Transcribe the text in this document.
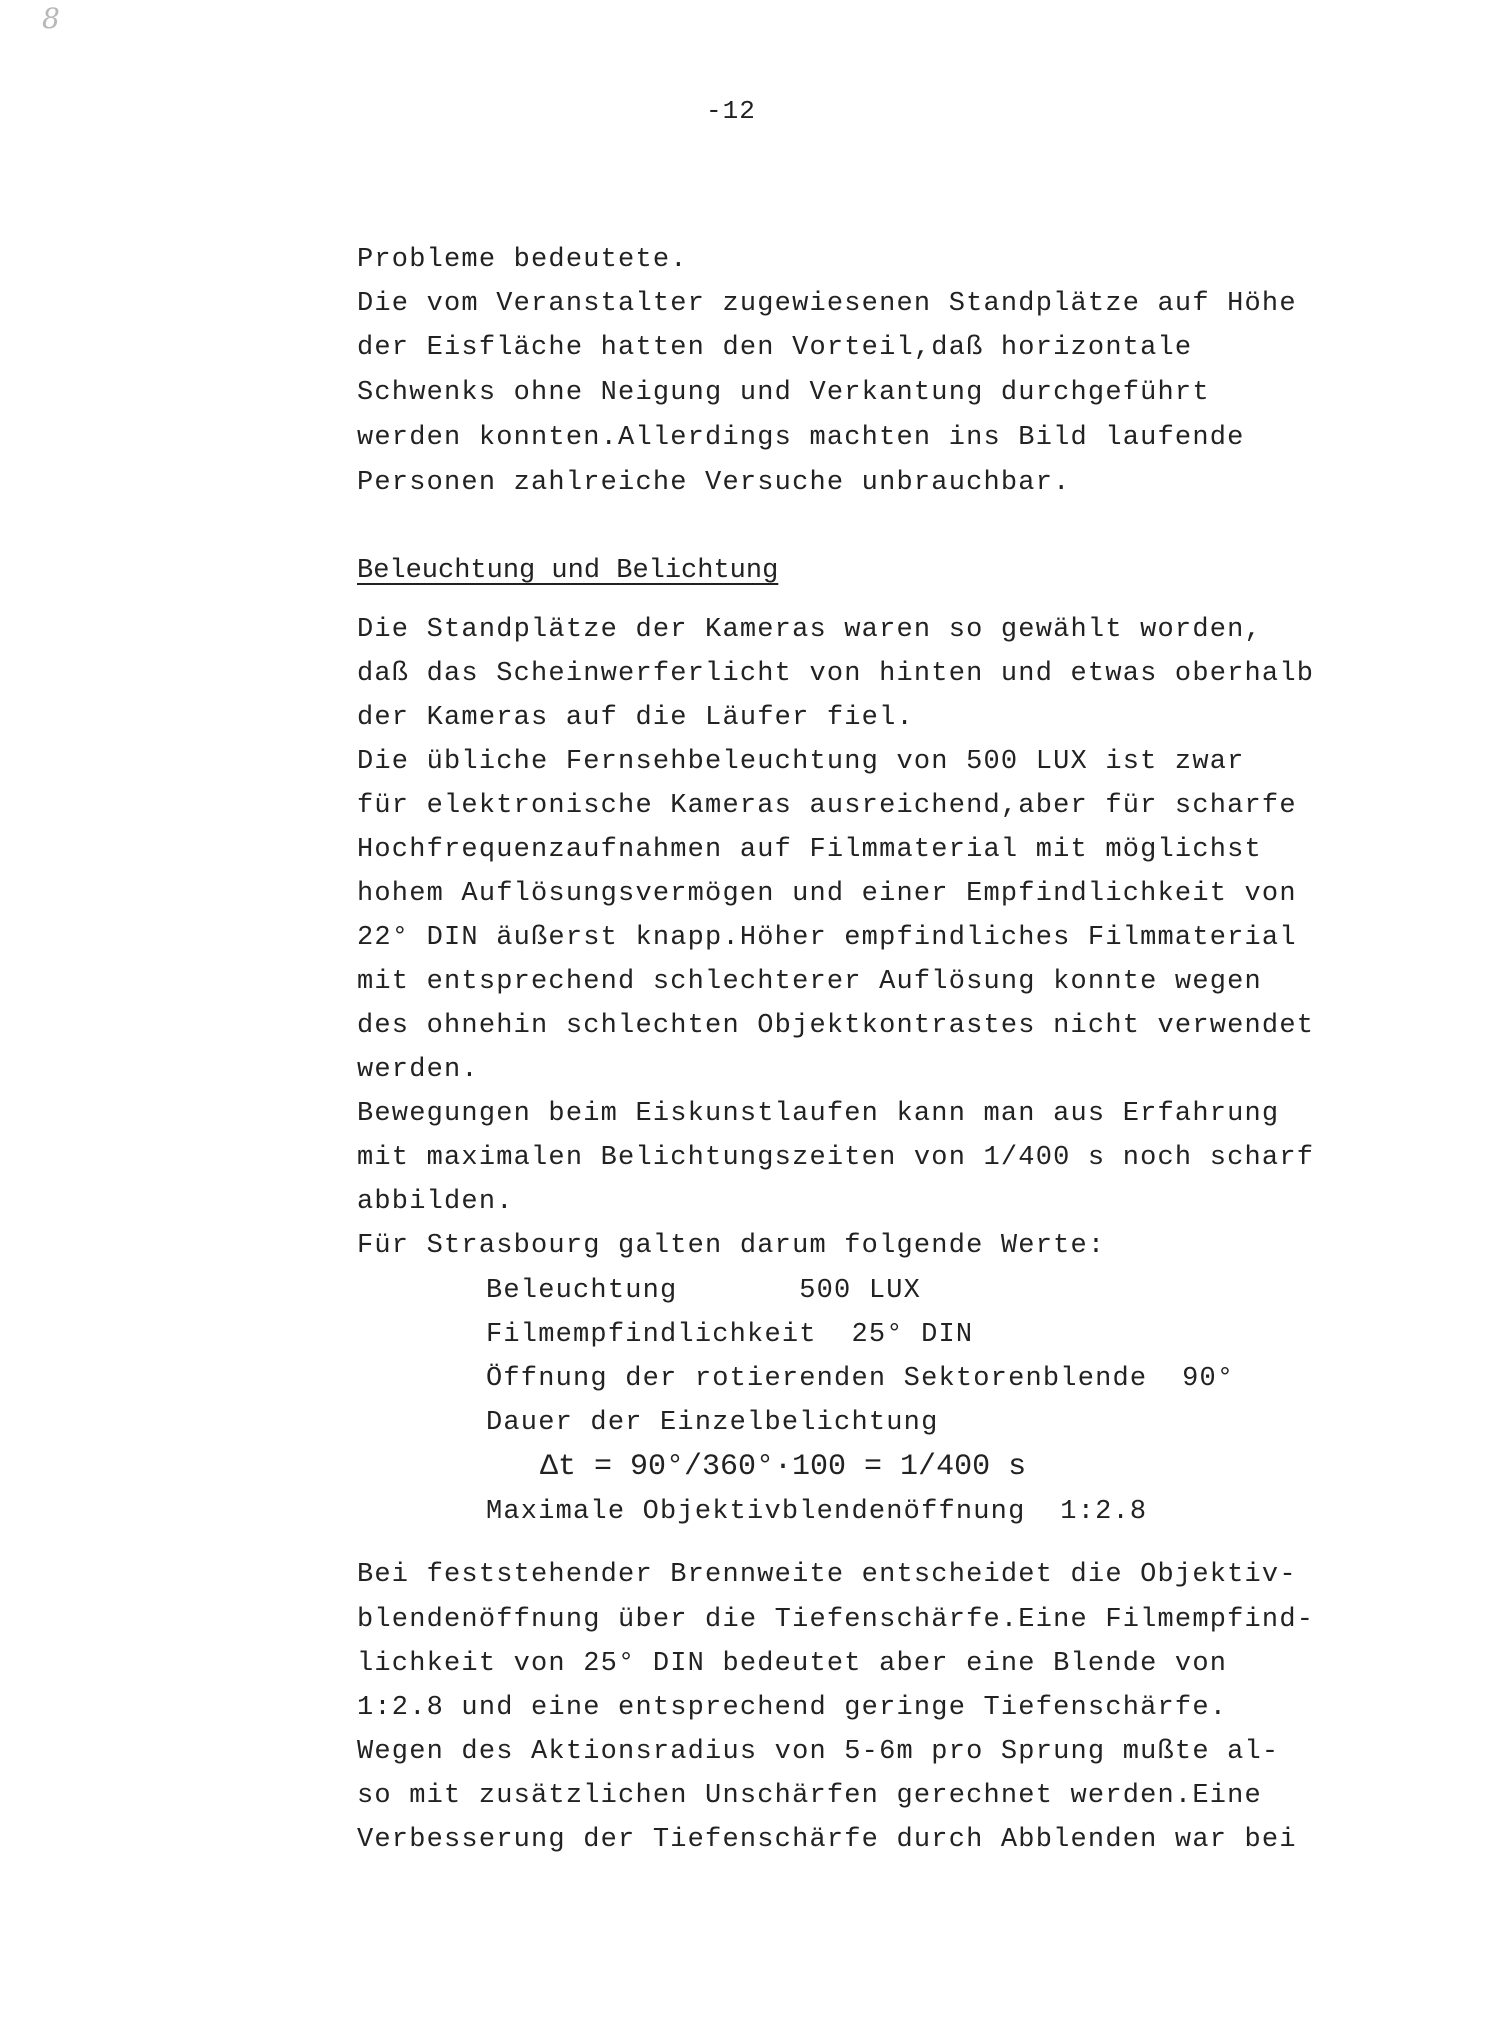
8
-12
Probleme bedeutete.
Die vom Veranstalter zugewiesenen Standplätze auf Höhe
der Eisfläche hatten den Vorteil,daß horizontale
Schwenks ohne Neigung und Verkantung durchgeführt
werden konnten.Allerdings machten ins Bild laufende
Personen zahlreiche Versuche unbrauchbar.
Beleuchtung und Belichtung
Die Standplätze der Kameras waren so gewählt worden,
daß das Scheinwerferlicht von hinten und etwas oberhalb
der Kameras auf die Läufer fiel.
Die übliche Fernsehbeleuchtung von 500 LUX ist zwar
für elektronische Kameras ausreichend,aber für scharfe
Hochfrequenzaufnahmen auf Filmmaterial mit möglichst
hohem Auflösungsvermögen und einer Empfindlichkeit von
22° DIN äußerst knapp.Höher empfindliches Filmmaterial
mit entsprechend schlechterer Auflösung konnte wegen
des ohnehin schlechten Objektkontrastes nicht verwendet
werden.
Bewegungen beim Eiskunstlaufen kann man aus Erfahrung
mit maximalen Belichtungszeiten von 1/400 s noch scharf
abbilden.
Für Strasbourg galten darum folgende Werte:
Beleuchtung       500 LUX
Filmempfindlichkeit  25° DIN
Öffnung der rotierenden Sektorenblende  90°
Dauer der Einzelbelichtung
Δt = 90°/360°·100 = 1/400 s
Maximale Objektivblendenöffnung  1:2.8
Bei feststehender Brennweite entscheidet die Objektiv-
blendenöffnung über die Tiefenschärfe.Eine Filmempfind-
lichkeit von 25° DIN bedeutet aber eine Blende von
1:2.8 und eine entsprechend geringe Tiefenschärfe.
Wegen des Aktionsradius von 5-6m pro Sprung mußte al-
so mit zusätzlichen Unschärfen gerechnet werden.Eine
Verbesserung der Tiefenschärfe durch Abblenden war bei
